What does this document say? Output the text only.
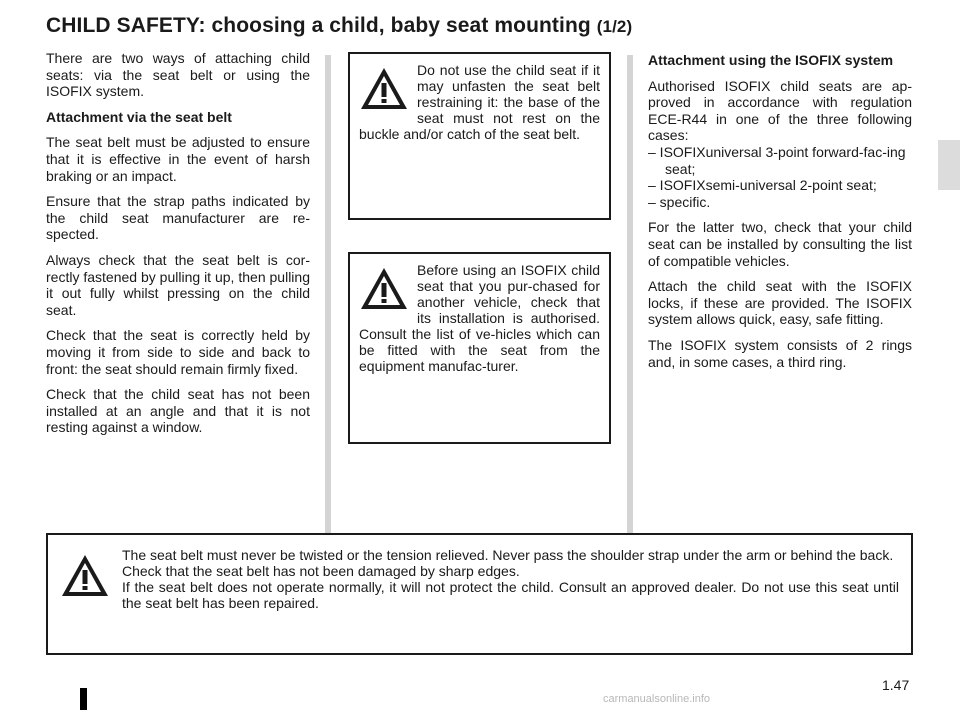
CHILD SAFETY: choosing a child, baby seat mounting (1/2)

There are two ways of attaching child seats: via the seat belt or using the ISOFIX system.

Attachment via the seat belt

The seat belt must be adjusted to ensure that it is effective in the event of harsh braking or an impact.

Ensure that the strap paths indicated by the child seat manufacturer are re-spected.

Always check that the seat belt is cor-rectly fastened by pulling it up, then pulling it out fully whilst pressing on the child seat.

Check that the seat is correctly held by moving it from side to side and back to front: the seat should remain firmly fixed.

Check that the child seat has not been installed at an angle and that it is not resting against a window.

Do not use the child seat if it may unfasten the seat belt restraining it: the base of the seat must not rest on the buckle and/or catch of the seat belt.

Before using an ISOFIX child seat that you pur-chased for another vehicle, check that its installation is authorised. Consult the list of ve-hicles which can be fitted with the seat from the equipment manufac-turer.

Attachment using the ISOFIX system

Authorised ISOFIX child seats are ap-proved in accordance with regulation ECE-R44 in one of the three following cases:

– ISOFIXuniversal 3-point forward-fac-ing seat;
– ISOFIXsemi-universal 2-point seat;
– specific.

For the latter two, check that your child seat can be installed by consulting the list of compatible vehicles.

Attach the child seat with the ISOFIX locks, if these are provided. The ISOFIX system allows quick, easy, safe fitting.

The ISOFIX system consists of 2 rings and, in some cases, a third ring.

The seat belt must never be twisted or the tension relieved. Never pass the shoulder strap under the arm or behind the back.

Check that the seat belt has not been damaged by sharp edges.

If the seat belt does not operate normally, it will not protect the child. Consult an approved dealer. Do not use this seat until the seat belt has been repaired.

1.47
carmanualsonline.info
